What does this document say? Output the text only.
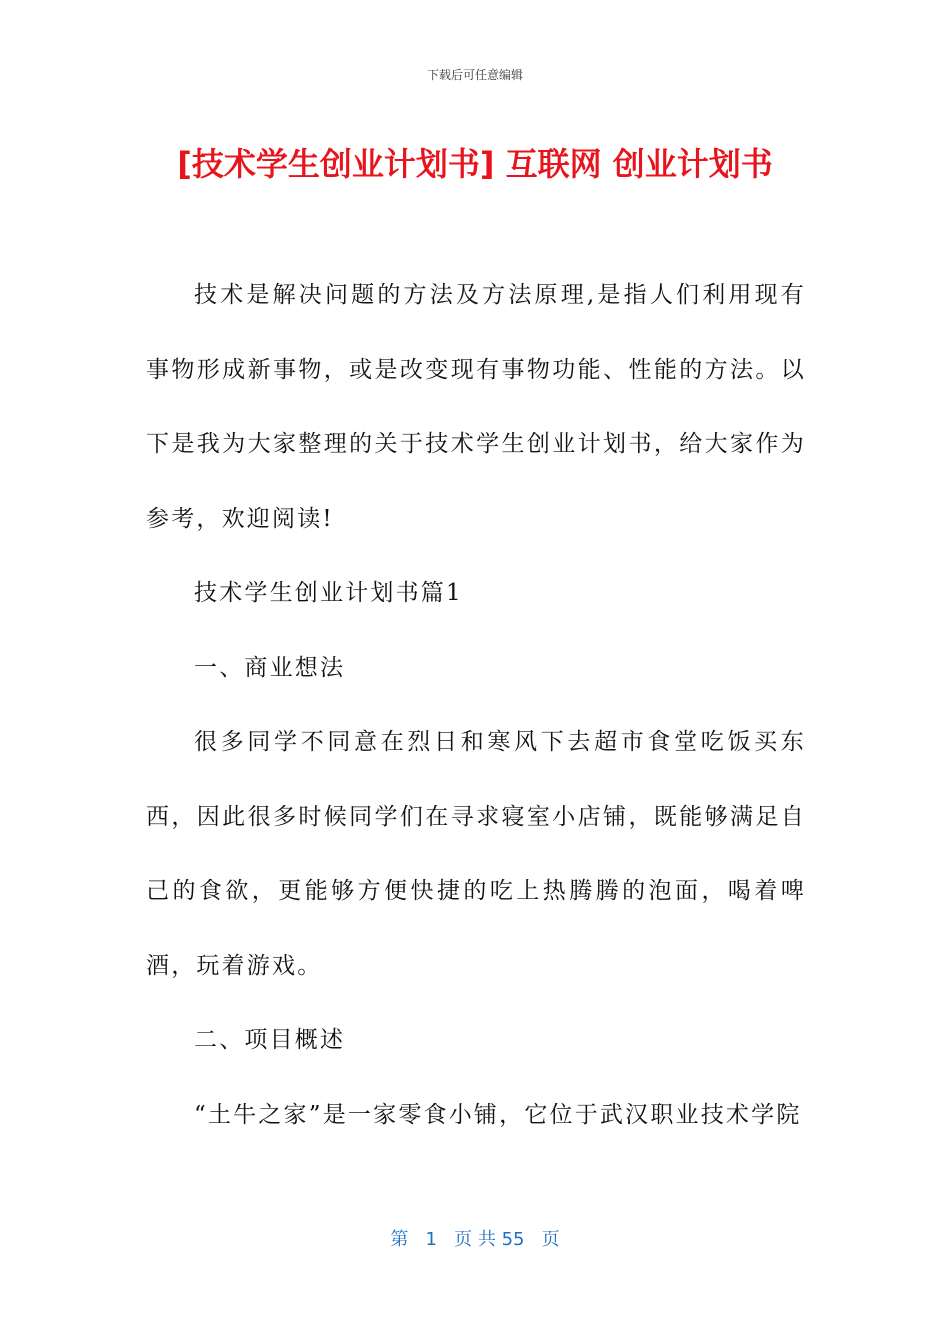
下载后可任意编辑
[技术学生创业计划书] 互联网 创业计划书

技术是解决问题的方法及方法原理,是指人们利用现有事物形成新事物，或是改变现有事物功能、性能的方法。以下是我为大家整理的关于技术学生创业计划书，给大家作为参考，欢迎阅读!

技术学生创业计划书篇1

一、商业想法

很多同学不同意在烈日和寒风下去超市食堂吃饭买东西，因此很多时候同学们在寻求寝室小店铺，既能够满足自己的食欲，更能够方便快捷的吃上热腾腾的泡面，喝着啤酒，玩着游戏。

二、项目概述

“土牛之家”是一家零食小铺，它位于武汉职业技术学院

第 1 页 共 55 页
